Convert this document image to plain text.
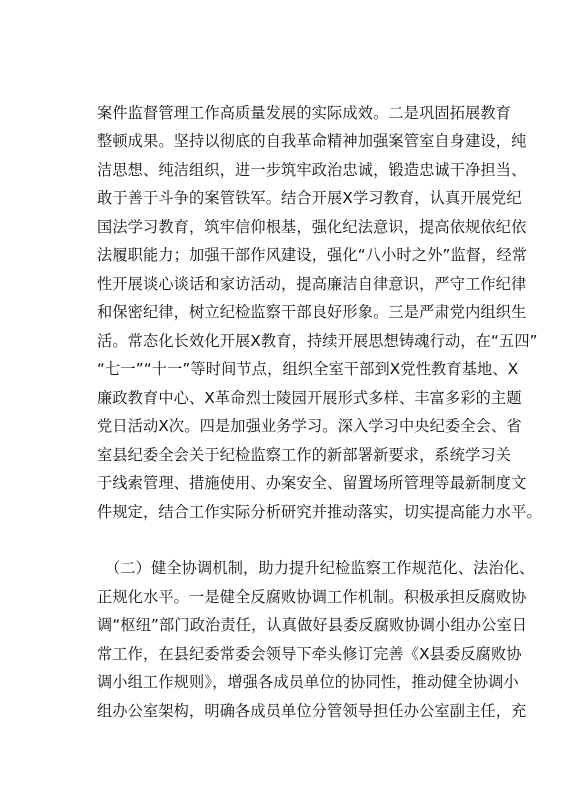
案件监督管理工作高质量发展的实际成效。二是巩固拓展教育
整顿成果。坚持以彻底的自我革命精神加强案管室自身建设，纯
洁思想、纯洁组织，进一步筑牢政治忠诚，锻造忠诚干净担当、
敢于善于斗争的案管铁军。结合开展X学习教育，认真开展党纪
国法学习教育，筑牢信仰根基，强化纪法意识，提高依规依纪依
法履职能力；加强干部作风建设，强化“八小时之外”监督，经常
性开展谈心谈话和家访活动，提高廉洁自律意识，严守工作纪律
和保密纪律，树立纪检监察干部良好形象。三是严肃党内组织生
活。常态化长效化开展X教育，持续开展思想铸魂行动，在“五四”
“七一”“十一”等时间节点，组织全室干部到X党性教育基地、X
廉政教育中心、X革命烈士陵园开展形式多样、丰富多彩的主题
党日活动X次。四是加强业务学习。深入学习中央纪委全会、省
室县纪委全会关于纪检监察工作的新部署新要求，系统学习关
于线索管理、措施使用、办案安全、留置场所管理等最新制度文
件规定，结合工作实际分析研究并推动落实，切实提高能力水平。
（二）健全协调机制，助力提升纪检监察工作规范化、法治化、
正规化水平。一是健全反腐败协调工作机制。积极承担反腐败协
调“枢纽”部门政治责任，认真做好县委反腐败协调小组办公室日
常工作，在县纪委常委会领导下牵头修订完善《X县委反腐败协
调小组工作规则》，增强各成员单位的协同性，推动健全协调小
组办公室架构，明确各成员单位分管领导担任办公室副主任，充
